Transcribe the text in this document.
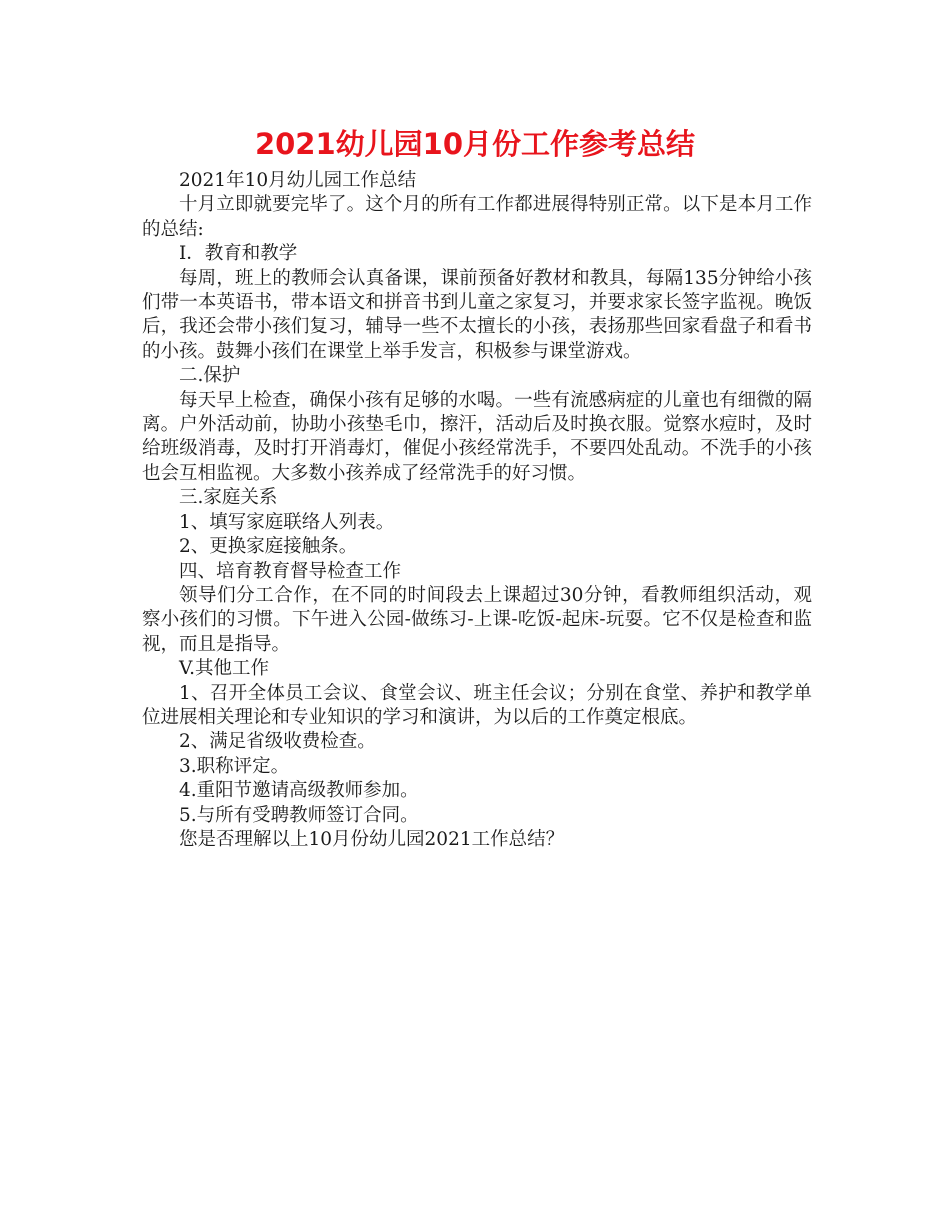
2021幼儿园10月份工作参考总结

2021年10月幼儿园工作总结

十月立即就要完毕了。这个月的所有工作都进展得特别正常。以下是本月工作的总结:

I．教育和教学

每周，班上的教师会认真备课，课前预备好教材和教具，每隔135分钟给小孩们带一本英语书，带本语文和拼音书到儿童之家复习，并要求家长签字监视。晚饭后，我还会带小孩们复习，辅导一些不太擅长的小孩，表扬那些回家看盘子和看书的小孩。鼓舞小孩们在课堂上举手发言，积极参与课堂游戏。

二.保护

每天早上检查，确保小孩有足够的水喝。一些有流感病症的儿童也有细微的隔离。户外活动前，协助小孩垫毛巾，擦汗，活动后及时换衣服。觉察水痘时，及时给班级消毒，及时打开消毒灯，催促小孩经常洗手，不要四处乱动。不洗手的小孩也会互相监视。大多数小孩养成了经常洗手的好习惯。

三.家庭关系

1、填写家庭联络人列表。

2、更换家庭接触条。

四、培育教育督导检查工作

领导们分工合作，在不同的时间段去上课超过30分钟，看教师组织活动，观察小孩们的习惯。下午进入公园-做练习-上课-吃饭-起床-玩耍。它不仅是检查和监视，而且是指导。

V.其他工作

1、召开全体员工会议、食堂会议、班主任会议；分别在食堂、养护和教学单位进展相关理论和专业知识的学习和演讲，为以后的工作奠定根底。

2、满足省级收费检查。

3.职称评定。

4.重阳节邀请高级教师参加。

5.与所有受聘教师签订合同。

您是否理解以上10月份幼儿园2021工作总结？
